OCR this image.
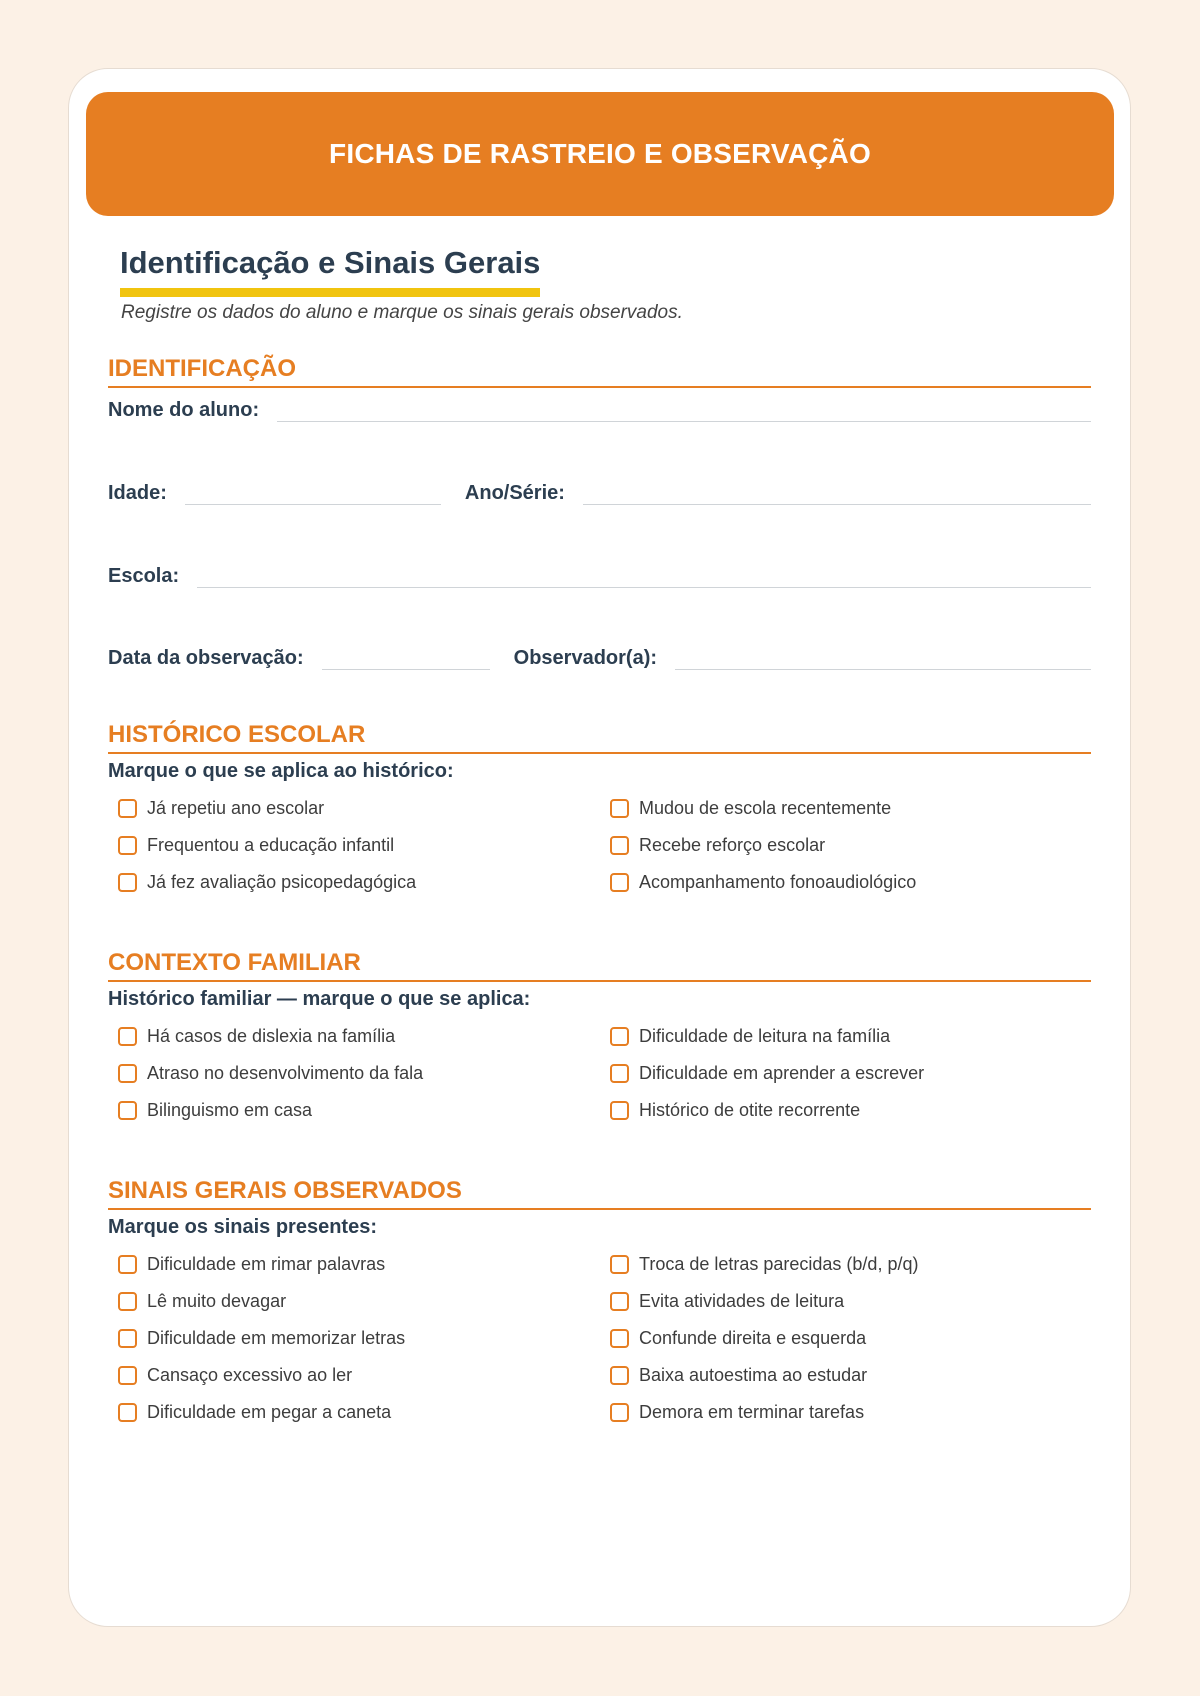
FICHAS DE RASTREIO E OBSERVAÇÃO
Identificação e Sinais Gerais
Registre os dados do aluno e marque os sinais gerais observados.
IDENTIFICAÇÃO
Nome do aluno:
Idade:	Ano/Série:
Escola:
Data da observação:	Observador(a):
HISTÓRICO ESCOLAR
Marque o que se aplica ao histórico:
Já repetiu ano escolar	Mudou de escola recentemente
Frequentou a educação infantil	Recebe reforço escolar
Já fez avaliação psicopedagógica	Acompanhamento fonoaudiológico
CONTEXTO FAMILIAR
Histórico familiar — marque o que se aplica:
Há casos de dislexia na família	Dificuldade de leitura na família
Atraso no desenvolvimento da fala	Dificuldade em aprender a escrever
Bilinguismo em casa	Histórico de otite recorrente
SINAIS GERAIS OBSERVADOS
Marque os sinais presentes:
Dificuldade em rimar palavras	Troca de letras parecidas (b/d, p/q)
Lê muito devagar	Evita atividades de leitura
Dificuldade em memorizar letras	Confunde direita e esquerda
Cansaço excessivo ao ler	Baixa autoestima ao estudar
Dificuldade em pegar a caneta	Demora em terminar tarefas
